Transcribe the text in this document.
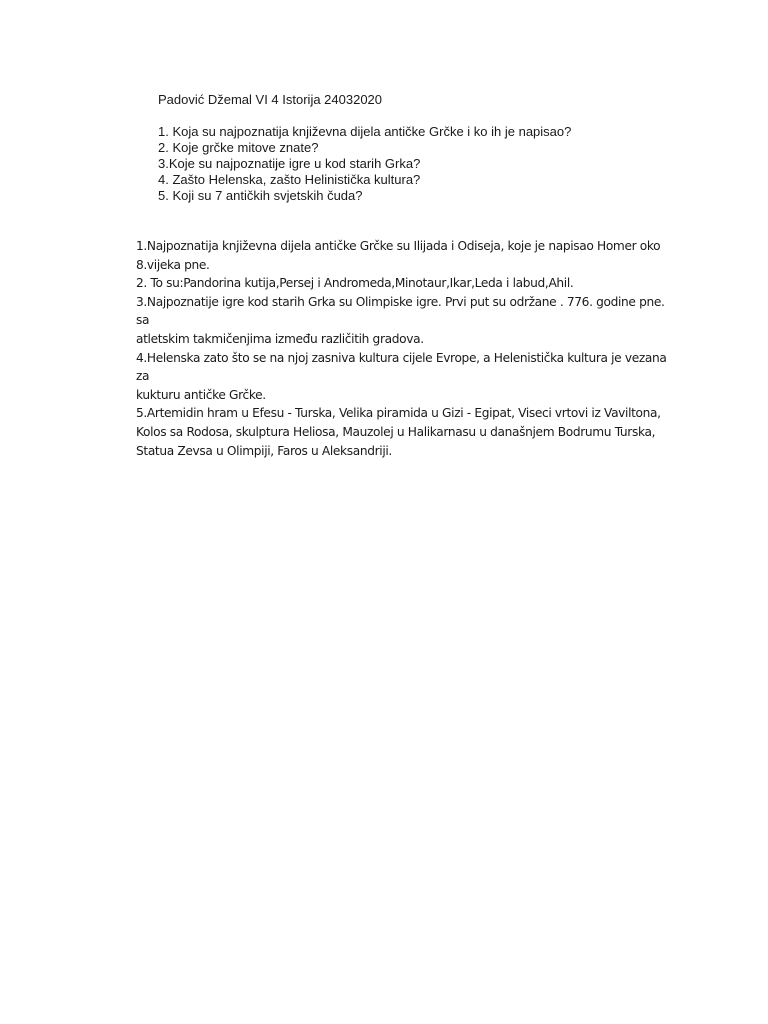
Padović Džemal VI 4 Istorija 24032020
1. Koja su najpoznatija književna dijela antičke Grčke i ko ih je napisao?
2. Koje grčke mitove znate?
3.Koje su najpoznatije igre u kod starih Grka?
4. Zašto Helenska, zašto Helinistička kultura?
5. Koji su 7 antičkih svjetskih čuda?
1.Najpoznatija književna dijela antičke Grčke su Ilijada i Odiseja, koje je napisao Homer oko
8.vijeka pne.
2. To su:Pandorina kutija,Persej i Andromeda,Minotaur,Ikar,Leda i labud,Ahil.
3.Najpoznatije igre kod starih Grka su Olimpiske igre. Prvi put su održane . 776. godine pne. sa
atletskim takmičenjima između različitih gradova.
4.Helenska zato što se na njoj zasniva kultura cijele Evrope, a Helenistička kultura je vezana za
kukturu antičke Grčke.
5.Artemidin hram u Efesu - Turska, Velika piramida u Gizi - Egipat, Viseci vrtovi iz Vaviltona,
Kolos sa Rodosa, skulptura Heliosa, Mauzolej u Halikarnasu u današnjem Bodrumu Turska,
Statua Zevsa u Olimpiji, Faros u Aleksandriji.
